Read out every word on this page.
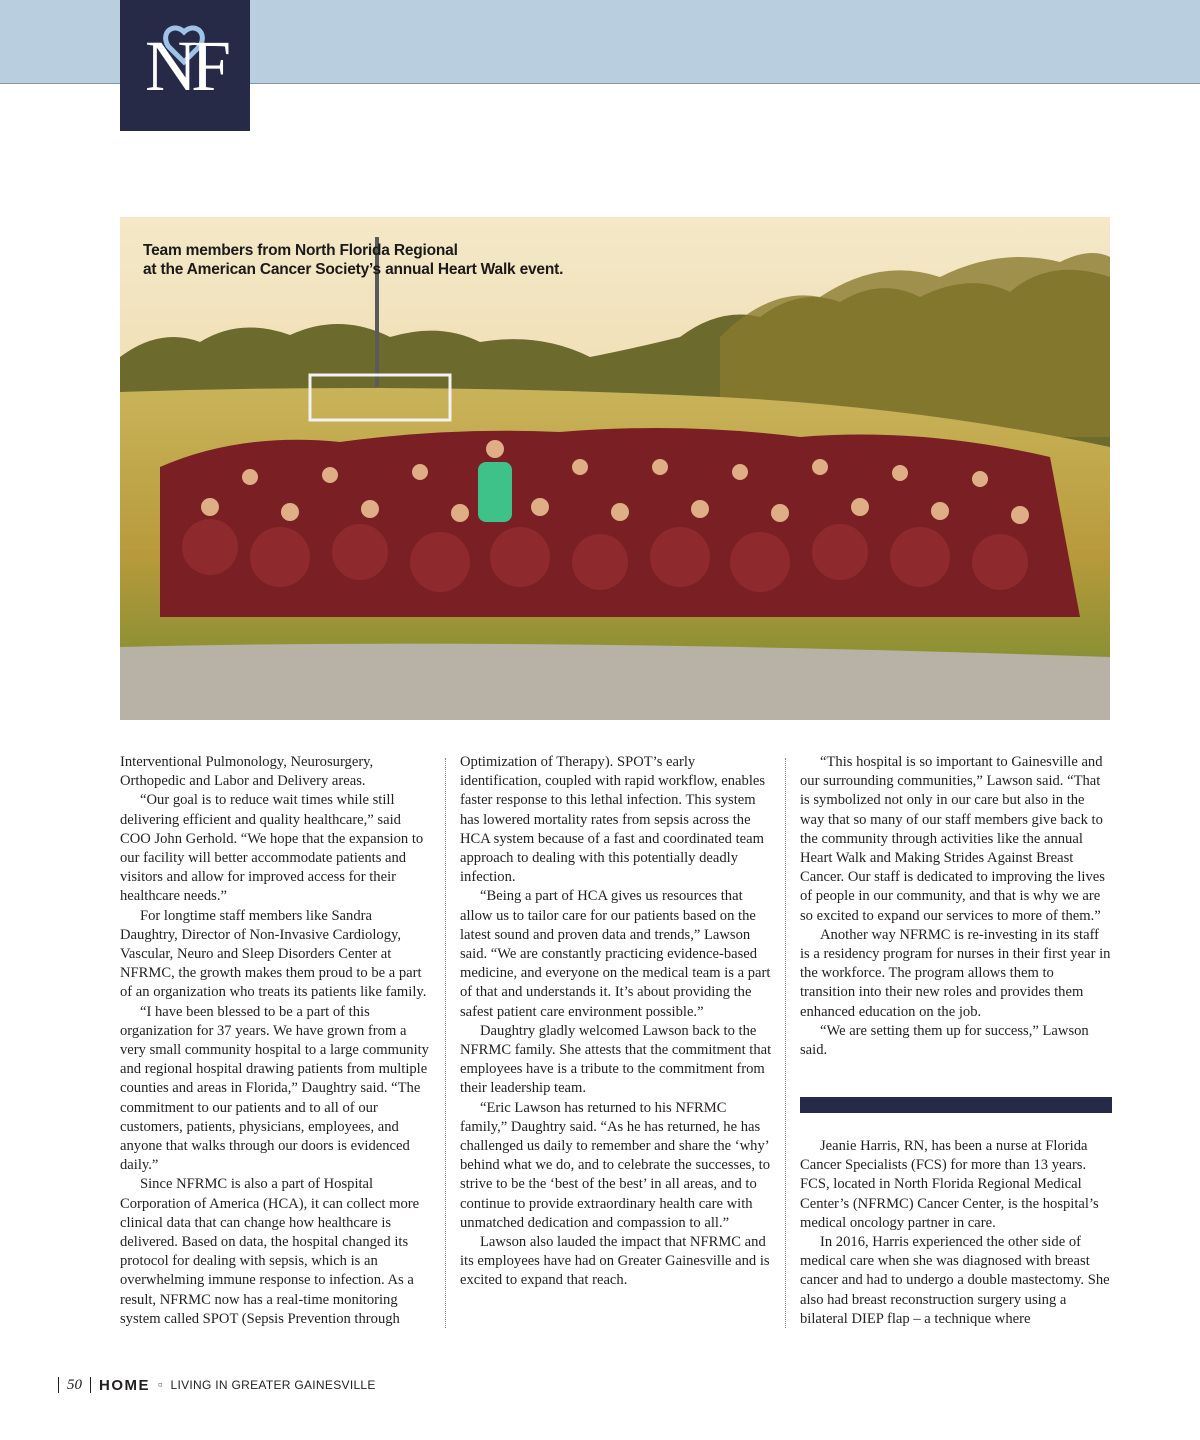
NF
Team members from North Florida Regional
at the American Cancer Society’s annual Heart Walk event.

Interventional Pulmonology, Neurosurgery, Orthopedic and Labor and Delivery areas.

“Our goal is to reduce wait times while still delivering efficient and quality healthcare,” said COO John Gerhold. “We hope that the expansion to our facility will better accommodate patients and visitors and allow for improved access for their healthcare needs.”

For longtime staff members like Sandra Daughtry, Director of Non-Invasive Cardiology, Vascular, Neuro and Sleep Disorders Center at NFRMC, the growth makes them proud to be a part of an organization who treats its patients like family.

“I have been blessed to be a part of this organization for 37 years. We have grown from a very small community hospital to a large community and regional hospital drawing patients from multiple counties and areas in Florida,” Daughtry said. “The commitment to our patients and to all of our customers, patients, physicians, employees, and anyone that walks through our doors is evidenced daily.”

Since NFRMC is also a part of Hospital Corporation of America (HCA), it can collect more clinical data that can change how healthcare is delivered. Based on data, the hospital changed its protocol for dealing with sepsis, which is an overwhelming immune response to infection. As a result, NFRMC now has a real-time monitoring system called SPOT (Sepsis Prevention through

Optimization of Therapy). SPOT’s early identification, coupled with rapid workflow, enables faster response to this lethal infection. This system has lowered mortality rates from sepsis across the HCA system because of a fast and coordinated team approach to dealing with this potentially deadly infection.

“Being a part of HCA gives us resources that allow us to tailor care for our patients based on the latest sound and proven data and trends,” Lawson said. “We are constantly practicing evidence-based medicine, and everyone on the medical team is a part of that and understands it. It’s about providing the safest patient care environment possible.”

Daughtry gladly welcomed Lawson back to the NFRMC family. She attests that the commitment that employees have is a tribute to the commitment from their leadership team.

“Eric Lawson has returned to his NFRMC family,” Daughtry said. “As he has returned, he has challenged us daily to remember and share the ‘why’ behind what we do, and to celebrate the successes, to strive to be the ‘best of the best’ in all areas, and to continue to provide extraordinary health care with unmatched dedication and compassion to all.”

Lawson also lauded the impact that NFRMC and its employees have had on Greater Gainesville and is excited to expand that reach.

“This hospital is so important to Gainesville and our surrounding communities,” Lawson said. “That is symbolized not only in our care but also in the way that so many of our staff members give back to the community through activities like the annual Heart Walk and Making Strides Against Breast Cancer. Our staff is dedicated to improving the lives of people in our community, and that is why we are so excited to expand our services to more of them.”

Another way NFRMC is re-investing in its staff is a residency program for nurses in their first year in the workforce. The program allows them to transition into their new roles and provides them enhanced education on the job.

“We are setting them up for success,” Lawson said.

Jeanie Harris, RN, has been a nurse at Florida Cancer Specialists (FCS) for more than 13 years. FCS, located in North Florida Regional Medical Center’s (NFRMC) Cancer Center, is the hospital’s medical oncology partner in care.

In 2016, Harris experienced the other side of medical care when she was diagnosed with breast cancer and had to undergo a double mastectomy. She also had breast reconstruction surgery using a bilateral DIEP flap – a technique where

50 HOME ¤ LIVING IN GREATER GAINESVILLE
